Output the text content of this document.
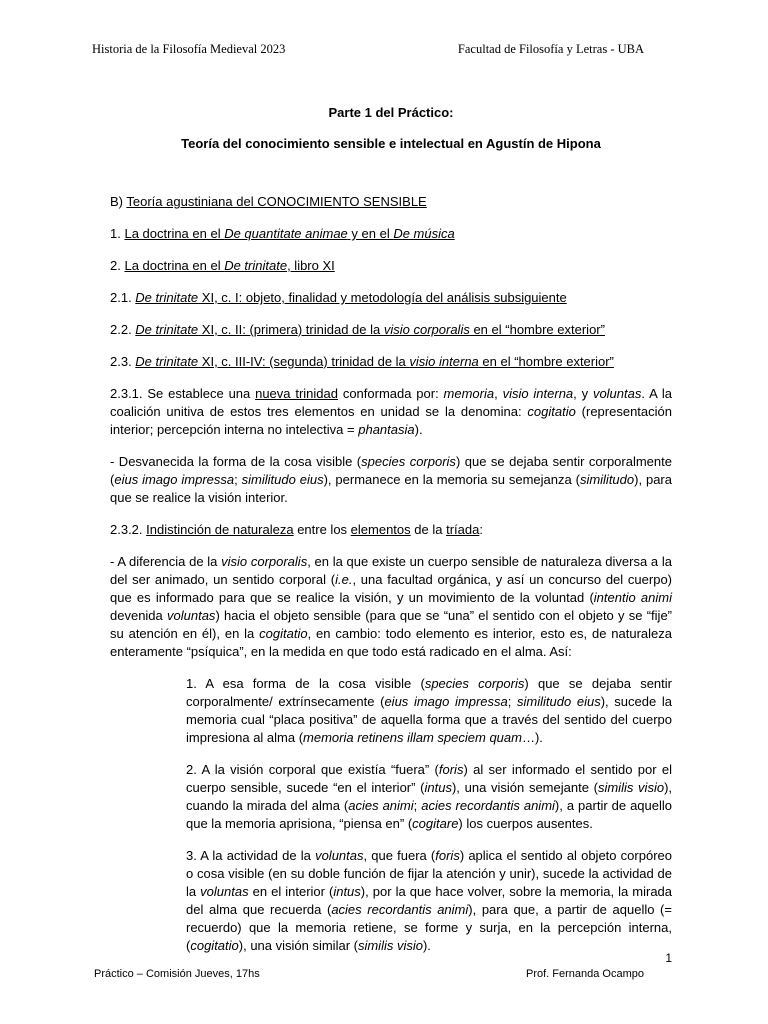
Historia de la Filosofía Medieval 2023	Facultad de Filosofía y Letras - UBA
Parte 1 del Práctico:
Teoría del conocimiento sensible e intelectual en Agustín de Hipona

B) Teoría agustiniana del CONOCIMIENTO SENSIBLE

1. La doctrina en el De quantitate animae y en el De música

2. La doctrina en el De trinitate, libro XI

2.1. De trinitate XI, c. I: objeto, finalidad y metodología del análisis subsiguiente

2.2. De trinitate XI, c. II: (primera) trinidad de la visio corporalis en el “hombre exterior”

2.3. De trinitate XI, c. III-IV: (segunda) trinidad de la visio interna en el “hombre exterior”

2.3.1. Se establece una nueva trinidad conformada por: memoria, visio interna, y voluntas. A la coalición unitiva de estos tres elementos en unidad se la denomina: cogitatio (representación interior; percepción interna no intelectiva = phantasia).

- Desvanecida la forma de la cosa visible (species corporis) que se dejaba sentir corporalmente (eius imago impressa; similitudo eius), permanece en la memoria su semejanza (similitudo), para que se realice la visión interior.

2.3.2. Indistinción de naturaleza entre los elementos de la tríada:

- A diferencia de la visio corporalis, en la que existe un cuerpo sensible de naturaleza diversa a la del ser animado, un sentido corporal (i.e., una facultad orgánica, y así un concurso del cuerpo) que es informado para que se realice la visión, y un movimiento de la voluntad (intentio animi devenida voluntas) hacia el objeto sensible (para que se “una” el sentido con el objeto y se “fije” su atención en él), en la cogitatio, en cambio: todo elemento es interior, esto es, de naturaleza enteramente “psíquica”, en la medida en que todo está radicado en el alma. Así:

1. A esa forma de la cosa visible (species corporis) que se dejaba sentir corporalmente/ extrínsecamente (eius imago impressa; similitudo eius), sucede la memoria cual “placa positiva” de aquella forma que a través del sentido del cuerpo impresiona al alma (memoria retinens illam speciem quam…).

2. A la visión corporal que existía “fuera” (foris) al ser informado el sentido por el cuerpo sensible, sucede “en el interior” (intus), una visión semejante (similis visio), cuando la mirada del alma (acies animi; acies recordantis animi), a partir de aquello que la memoria aprisiona, “piensa en” (cogitare) los cuerpos ausentes.

3. A la actividad de la voluntas, que fuera (foris) aplica el sentido al objeto corpóreo o cosa visible (en su doble función de fijar la atención y unir), sucede la actividad de la voluntas en el interior (intus), por la que hace volver, sobre la memoria, la mirada del alma que recuerda (acies recordantis animi), para que, a partir de aquello (= recuerdo) que la memoria retiene, se forme y surja, en la percepción interna, (cogitatio), una visión similar (similis visio).

1
Práctico – Comisión Jueves, 17hs	Prof. Fernanda Ocampo
